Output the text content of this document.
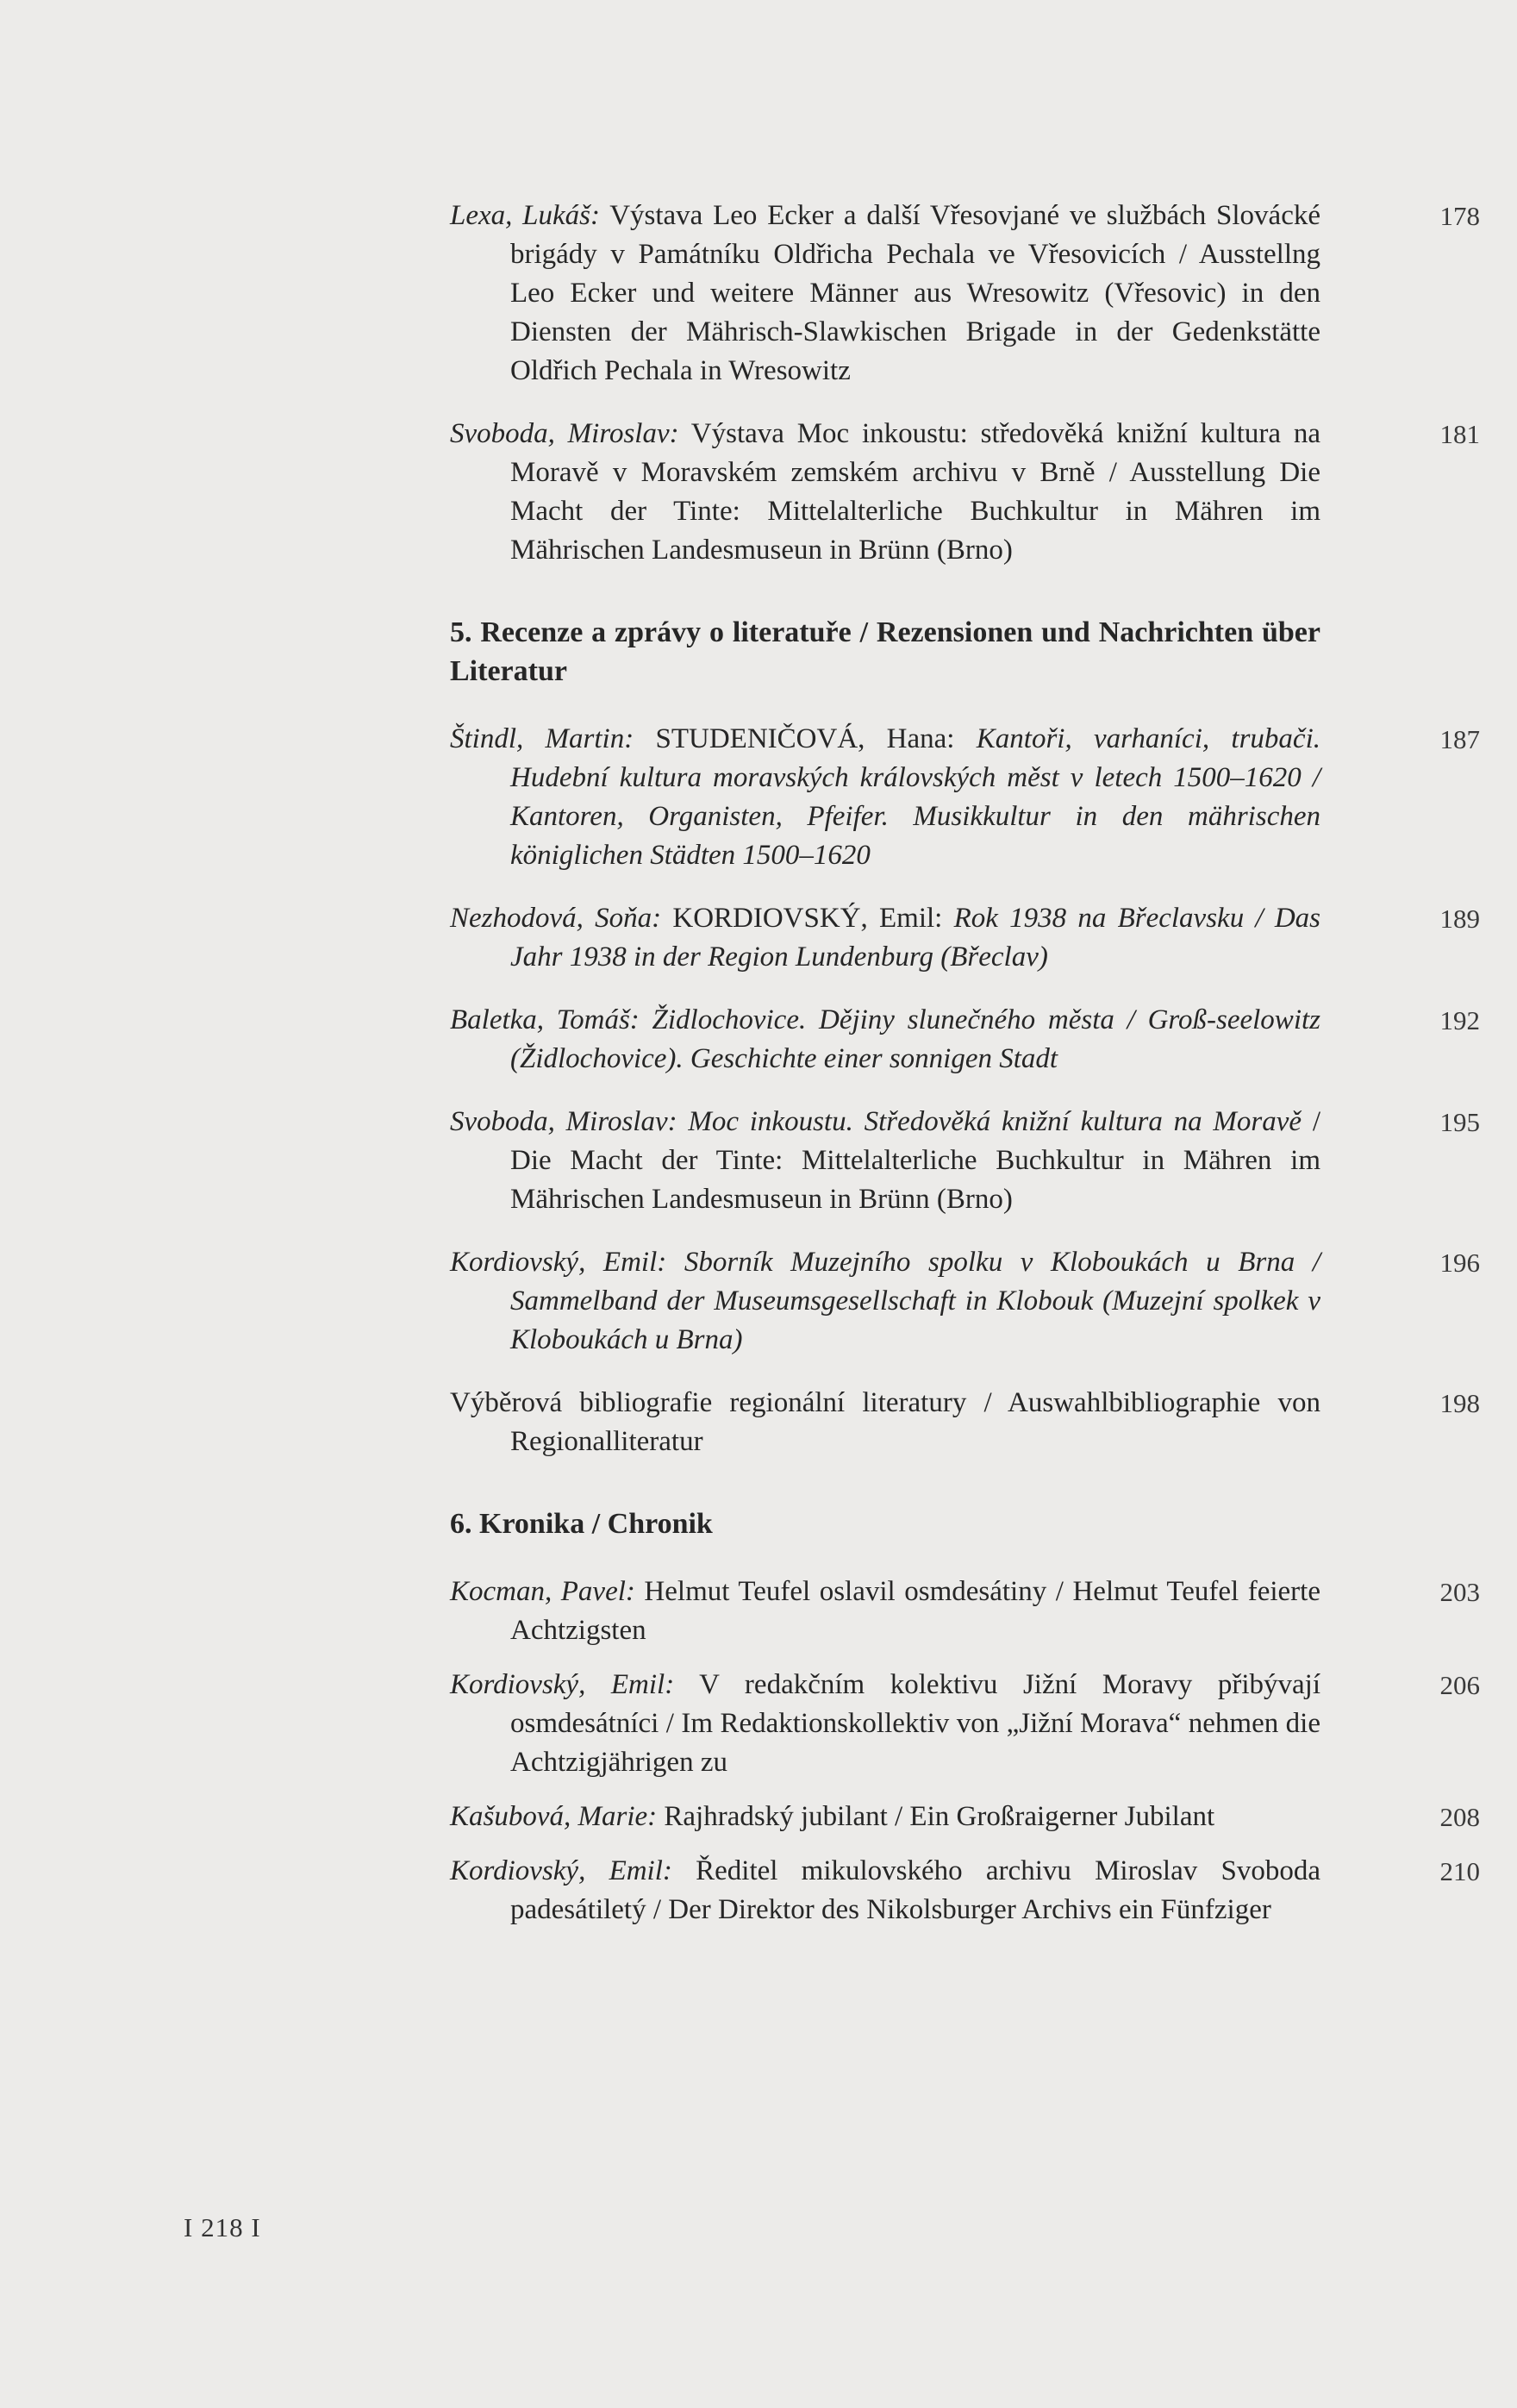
Lexa, Lukáš: Výstava Leo Ecker a další Vřesovjané ve službách Slovácké brigády v Památníku Oldřicha Pechala ve Vřesovicích / Ausstellng Leo Ecker und weitere Männer aus Wresowitz (Vřesovic) in den Diensten der Mährisch-Slawkischen Brigade in der Gedenkstätte Oldřich Pechala in Wresowitz
178
Svoboda, Miroslav: Výstava Moc inkoustu: středověká knižní kultura na Moravě v Moravském zemském archivu v Brně / Ausstellung Die Macht der Tinte: Mittelalterliche Buchkultur in Mähren im Mährischen Landesmuseun in Brünn (Brno)
181
5. Recenze a zprávy o literatuře / Rezensionen und Nachrichten über Literatur
Štindl, Martin: STUDENIČOVÁ, Hana: Kantoři, varhaníci, trubači. Hudební kultura moravských královských měst v letech 1500–1620 / Kantoren, Organisten, Pfeifer. Musikkultur in den mährischen königlichen Städten 1500–1620
187
Nezhodová, Soňa: KORDIOVSKÝ, Emil: Rok 1938 na Břeclavsku / Das Jahr 1938 in der Region Lundenburg (Břeclav)
189
Baletka, Tomáš: Židlochovice. Dějiny slunečného města / Groß-seelowitz (Židlochovice). Geschichte einer sonnigen Stadt
192
Svoboda, Miroslav: Moc inkoustu. Středověká knižní kultura na Moravě / Die Macht der Tinte: Mittelalterliche Buchkultur in Mähren im Mährischen Landesmuseun in Brünn (Brno)
195
Kordiovský, Emil: Sborník Muzejního spolku v Kloboukách u Brna / Sammelband der Museumsgesellschaft in Klobouk (Muzejní spolkek v Kloboukách u Brna)
196
Výběrová bibliografie regionální literatury / Auswahlbibliographie von Regionalliteratur
198
6. Kronika / Chronik
Kocman, Pavel: Helmut Teufel oslavil osmdesátiny / Helmut Teufel feierte Achtzigsten
203
Kordiovský, Emil: V redakčním kolektivu Jižní Moravy přibývají osmdesátníci / Im Redaktionskollektiv von „Jižní Morava“ nehmen die Achtzigjährigen zu
206
Kašubová, Marie: Rajhradský jubilant / Ein Großraigerner Jubilant	208
Kordiovský, Emil: Ředitel mikulovského archivu Miroslav Svoboda padesátiletý / Der Direktor des Nikolsburger Archivs ein Fünfziger
210
I 218 I
